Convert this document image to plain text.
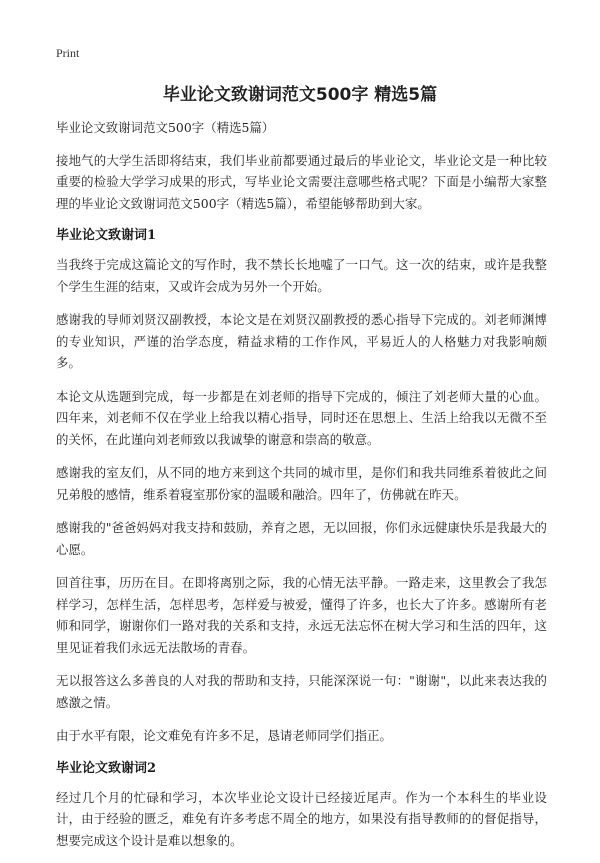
Print
毕业论文致谢词范文500字 精选5篇

毕业论文致谢词范文500字（精选5篇）

接地气的大学生活即将结束，我们毕业前都要通过最后的毕业论文，毕业论文是一种比较重要的检验大学学习成果的形式，写毕业论文需要注意哪些格式呢？下面是小编帮大家整理的毕业论文致谢词范文500字（精选5篇），希望能够帮助到大家。

毕业论文致谢词1

当我终于完成这篇论文的写作时，我不禁长长地嘘了一口气。这一次的结束，或许是我整个学生生涯的结束，又或许会成为另外一个开始。

感谢我的导师刘贤汉副教授，本论文是在刘贤汉副教授的悉心指导下完成的。刘老师渊博的专业知识，严谨的治学态度，精益求精的工作作风，平易近人的人格魅力对我影响颇多。

本论文从选题到完成，每一步都是在刘老师的指导下完成的，倾注了刘老师大量的心血。四年来，刘老师不仅在学业上给我以精心指导，同时还在思想上、生活上给我以无微不至的关怀，在此谨向刘老师致以我诚挚的谢意和崇高的敬意。

感谢我的室友们，从不同的地方来到这个共同的城市里，是你们和我共同维系着彼此之间兄弟般的感情，维系着寝室那份家的温暖和融洽。四年了，仿佛就在昨天。

感谢我的"爸爸妈妈对我支持和鼓励，养育之恩，无以回报，你们永远健康快乐是我最大的心愿。

回首往事，历历在目。在即将离别之际，我的心情无法平静。一路走来，这里教会了我怎样学习，怎样生活，怎样思考，怎样爱与被爱，懂得了许多，也长大了许多。感谢所有老师和同学，谢谢你们一路对我的关系和支持，永远无法忘怀在树大学习和生活的四年，这里见证着我们永远无法散场的青春。

无以报答这么多善良的人对我的帮助和支持，只能深深说一句："谢谢"，以此来表达我的感激之情。

由于水平有限，论文难免有许多不足，恳请老师同学们指正。

毕业论文致谢词2

经过几个月的忙碌和学习，本次毕业论文设计已经接近尾声。作为一个本科生的毕业设计，由于经验的匮乏，难免有许多考虑不周全的地方，如果没有指导教师的的督促指导，想要完成这个设计是难以想象的。
